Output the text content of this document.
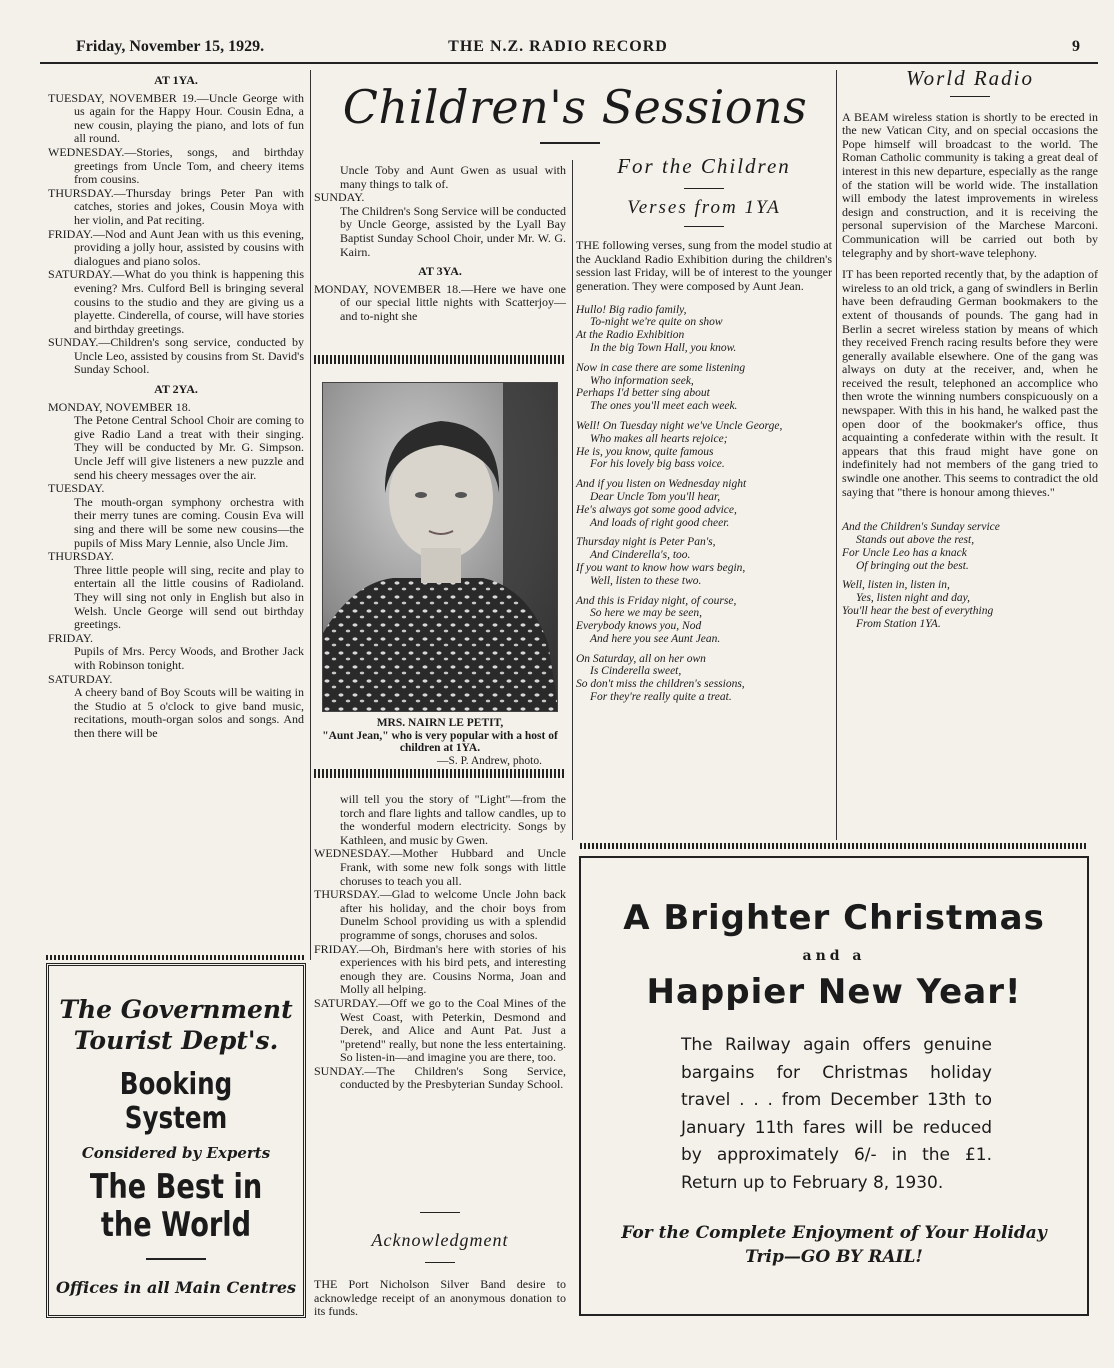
Friday, November 15, 1929.	THE N.Z. RADIO RECORD	9
AT 1YA.

TUESDAY, NOVEMBER 19.—Uncle George with us again for the Happy Hour. Cousin Edna, a new cousin, playing the piano, and lots of fun all round.

WEDNESDAY.—Stories, songs, and birthday greetings from Uncle Tom, and cheery items from cousins.

THURSDAY.—Thursday brings Peter Pan with catches, stories and jokes, Cousin Moya with her violin, and Pat reciting.

FRIDAY.—Nod and Aunt Jean with us this evening, providing a jolly hour, assisted by cousins with dialogues and piano solos.

SATURDAY.—What do you think is happening this evening? Mrs. Culford Bell is bringing several cousins to the studio and they are giving us a playette. Cinderella, of course, will have stories and birthday greetings.

SUNDAY.—Children's song service, conducted by Uncle Leo, assisted by cousins from St. David's Sunday School.

AT 2YA.

MONDAY, NOVEMBER 18.

The Petone Central School Choir are coming to give Radio Land a treat with their singing. They will be conducted by Mr. G. Simpson. Uncle Jeff will give listeners a new puzzle and send his cheery messages over the air.

TUESDAY.

The mouth-organ symphony orchestra with their merry tunes are coming. Cousin Eva will sing and there will be some new cousins—the pupils of Miss Mary Lennie, also Uncle Jim.

THURSDAY.

Three little people will sing, recite and play to entertain all the little cousins of Radioland. They will sing not only in English but also in Welsh. Uncle George will send out birthday greetings.

FRIDAY.

Pupils of Mrs. Percy Woods, and Brother Jack with Robinson tonight.

SATURDAY.

A cheery band of Boy Scouts will be waiting in the Studio at 5 o'clock to give band music, recitations, mouth-organ solos and songs. And then there will be

Children's Sessions

Uncle Toby and Aunt Gwen as usual with many things to talk of.

SUNDAY.

The Children's Song Service will be conducted by Uncle George, assisted by the Lyall Bay Baptist Sunday School Choir, under Mr. W. G. Kairn.

AT 3YA.

MONDAY, NOVEMBER 18.—Here we have one of our special little nights with Scatterjoy—and to-night she

MRS. NAIRN LE PETIT,
"Aunt Jean," who is very popular with a host of children at 1YA.
—S. P. Andrew, photo.

will tell you the story of "Light"—from the torch and flare lights and tallow candles, up to the wonderful modern electricity. Songs by Kathleen, and music by Gwen.

WEDNESDAY.—Mother Hubbard and Uncle Frank, with some new folk songs with little choruses to teach you all.

THURSDAY.—Glad to welcome Uncle John back after his holiday, and the choir boys from Dunelm School providing us with a splendid programme of songs, choruses and solos.

FRIDAY.—Oh, Birdman's here with stories of his experiences with his bird pets, and interesting enough they are. Cousins Norma, Joan and Molly all helping.

SATURDAY.—Off we go to the Coal Mines of the West Coast, with Peterkin, Desmond and Derek, and Alice and Aunt Pat. Just a "pretend" really, but none the less entertaining. So listen-in—and imagine you are there, too.

SUNDAY.—The Children's Song Service, conducted by the Presbyterian Sunday School.

Acknowledgment
THE Port Nicholson Silver Band desire to acknowledge receipt of an anonymous donation to its funds.
For the Children
Verses from 1YA

THE following verses, sung from the model studio at the Auckland Radio Exhibition during the children's session last Friday, will be of interest to the younger generation. They were composed by Aunt Jean.

Hullo! Big radio family,
To-night we're quite on show
At the Radio Exhibition
In the big Town Hall, you know.
Now in case there are some listening
Who information seek,
Perhaps I'd better sing about
The ones you'll meet each week.
Well! On Tuesday night we've Uncle George,
Who makes all hearts rejoice;
He is, you know, quite famous
For his lovely big bass voice.
And if you listen on Wednesday night
Dear Uncle Tom you'll hear,
He's always got some good advice,
And loads of right good cheer.
Thursday night is Peter Pan's,
And Cinderella's, too.
If you want to know how wars begin,
Well, listen to these two.
And this is Friday night, of course,
So here we may be seen,
Everybody knows you, Nod
And here you see Aunt Jean.
On Saturday, all on her own
Is Cinderella sweet,
So don't miss the children's sessions,
For they're really quite a treat.
World Radio

A BEAM wireless station is shortly to be erected in the new Vatican City, and on special occasions the Pope himself will broadcast to the world. The Roman Catholic community is taking a great deal of interest in this new departure, especially as the range of the station will be world wide. The installation will embody the latest improvements in wireless design and construction, and it is receiving the personal supervision of the Marchese Marconi. Communication will be carried out both by telegraphy and by short-wave telephony.

IT has been reported recently that, by the adaption of wireless to an old trick, a gang of swindlers in Berlin have been defrauding German bookmakers to the extent of thousands of pounds. The gang had in Berlin a secret wireless station by means of which they received French racing results before they were generally available elsewhere. One of the gang was always on duty at the receiver, and, when he received the result, telephoned an accomplice who then wrote the winning numbers conspicuously on a newspaper. With this in his hand, he walked past the open door of the bookmaker's office, thus acquainting a confederate within with the result. It appears that this fraud might have gone on indefinitely had not members of the gang tried to swindle one another. This seems to contradict the old saying that "there is honour among thieves."

And the Children's Sunday service
Stands out above the rest,
For Uncle Leo has a knack
Of bringing out the best.
Well, listen in, listen in,
Yes, listen night and day,
You'll hear the best of everything
From Station 1YA.
The Government Tourist Dept's.
Booking System
Considered by Experts
The Best in the World
Offices in all Main Centres
A Brighter Christmas
and a
Happier New Year!
The Railway again offers genuine bargains for Christmas holiday travel . . . from December 13th to January 11th fares will be reduced by approximately 6/- in the £1. Return up to February 8, 1930.
For the Complete Enjoyment of Your Holiday Trip—GO BY RAIL!
